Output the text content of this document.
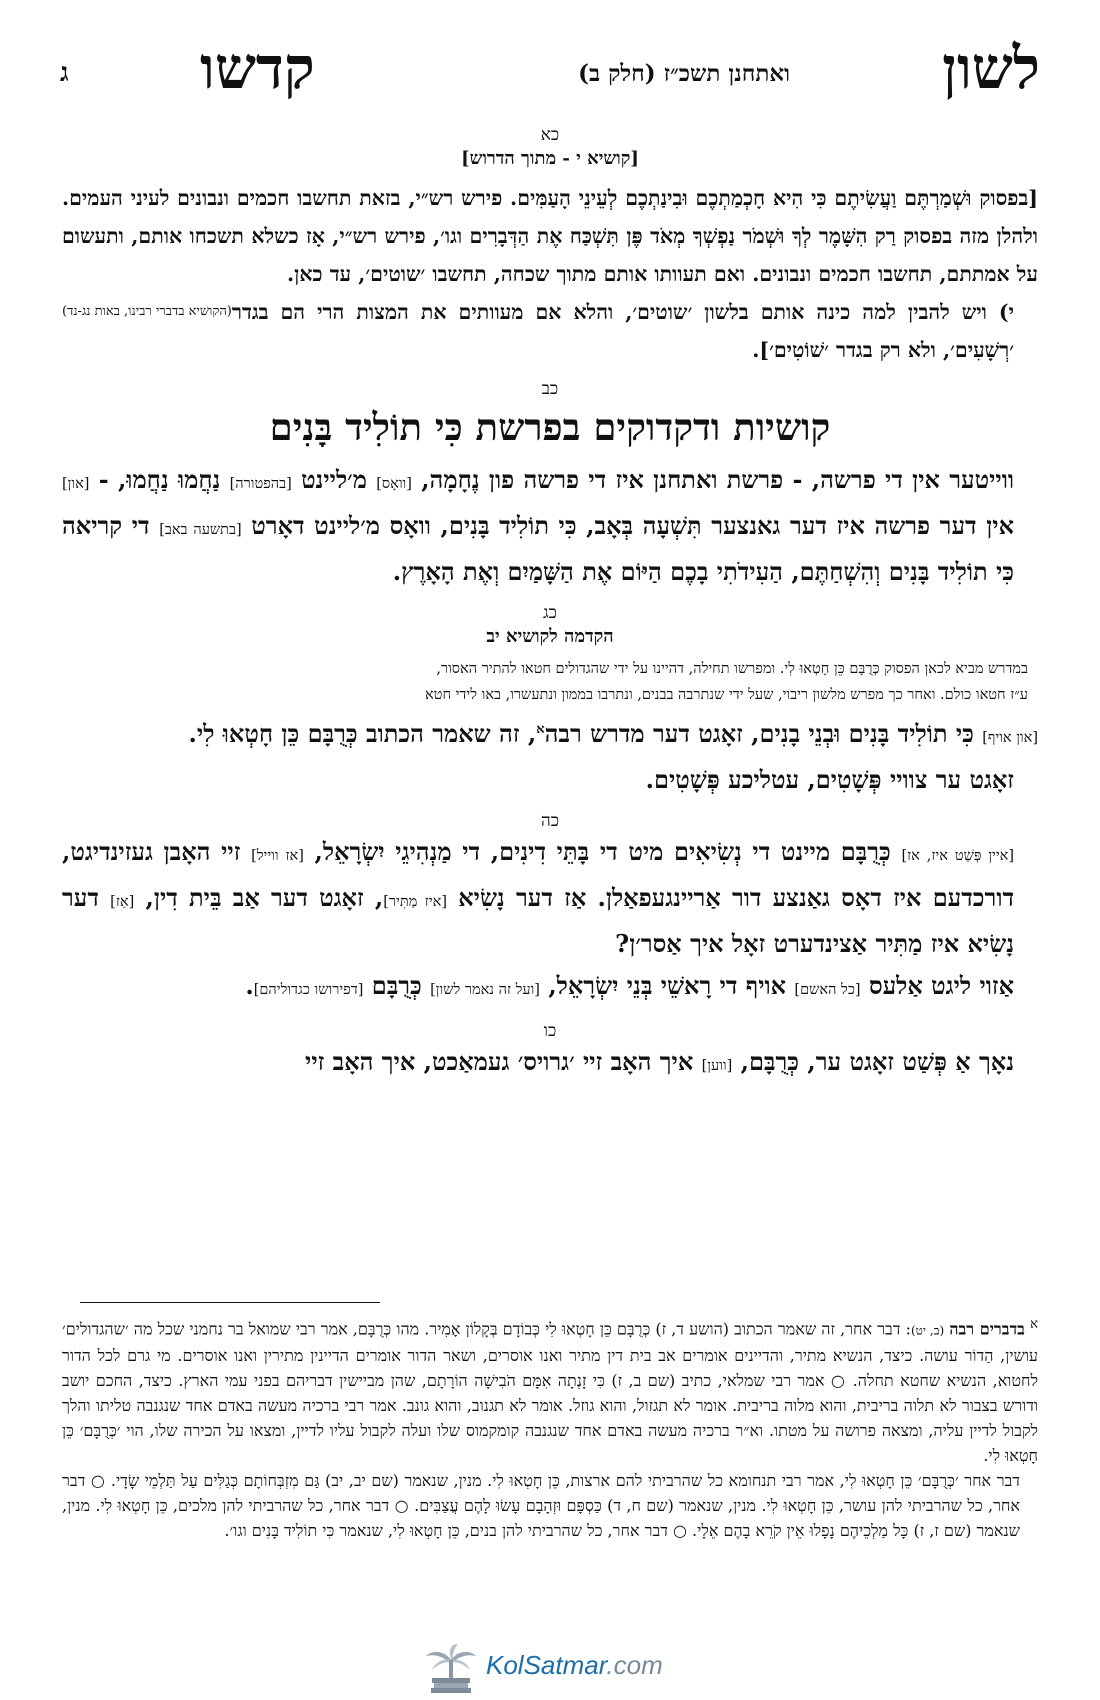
לשון
ואתחנן תשכ״ז (חלק ב)
קדשו
ג

כא

[קושיא י - מתוך הדרוש]

[בפסוק וּשְׁמַרְתֶּם וַעֲשִׂיתֶם כִּי הִיא חָכְמַתְכֶם וּבִינַתְכֶם לְעֵינֵי הָעַמִּים. פירש רש״י, בזאת תחשבו חכמים ונבונים לעיני העמים. ולהלן מזה בפסוק רַק הִשָּׁמֶר לְךָ וּשְׁמֹר נַפְשְׁךָ מְאֹד פֶּן תִּשְׁכַּח אֶת הַדְּבָרִים וגו׳, פירש רש״י, אָז כשלא תשכחו אותם, ותעשום על אמתתם, תחשבו חכמים ונבונים. ואם תעוותו אותם מתוך שכחה, תחשבו ׳שוטים׳, עד כאן.

(הקושיא בדברי רבינו, באות נג-נד) י) ויש להבין למה כינה אותם בלשון ׳שוטים׳, והלא אם מעוותים את המצות הרי הם בגדר ׳רְשָׁעִים׳, ולא רק בגדר ׳שׁוֹטִים׳].

כב

קושיות ודקדוקים בפרשת כִּי תוֹלִיד בָּנִים

ווייטער אין די פרשה, - פרשת ואתחנן איז די פרשה פון נֶחָמָה, [וואָס] מ׳ליינט [בהפטורה] נַחֲמוּ נַחֲמוּ, - [און] אין דער פרשה איז דער גאנצער תִּשְׁעָה בְּאָב, כִּי תוֹלִיד בָּנִים, וואָס מ׳ליינט דאָרט [בתשעה באב] די קריאה כִּי תוֹלִיד בָּנִים וְהִשְׁחַתֶּם, הַעִידֹתִי בָכֶם הַיּוֹם אֶת הַשָּׁמַיִם וְאֶת הָאָרֶץ.

כג

הקדמה לקושיא יב

במדרש מביא לכאן הפסוק כְּרֻבָּם כֵּן חָטְאוּ לִי. ומפרשו תחילה, דהיינו על ידי שהגדולים חטאו להתיר האסור,

ע״ז חטאו כולם. ואחר כך מפרש מלשון ריבוי, שעל ידי שנתרבה בבנים, ונתרבו בממון ונתעשרו, באו לידי חטא

[און אויף] כִּי תוֹלִיד בָּנִים וּבְנֵי בָנִים, זאָגט דער מדרש רבה$^א$, זה שאמר הכתוב כְּרֻבָּם כֵּן חָטְאוּ לִי.

זאָגט ער צוויי פְּשָׁטִים, עטליכע פְּשָׁטִים.

כה

[איין פְּשַׁט איז, אז] כְּרֻבָּם מיינט די נְשִׂיאִים מיט די בָּתֵּי דִינִים, די מַנְהִיגֵי יִשְׂרָאֵל, [אז ווייל] זיי האָבן געזינדיגט, דורכדעם איז דאָס גאַנצע דור אַריינגעפאַלן. אַז דער נָשִׂיא [איז מַתִּיר], זאָגט דער אַב בֵּית דִין, [אַז] דער נָשִׂיא איז מַתִּיר אַצינדערט זאָל איך אַסר׳ן?

אַזוי ליגט אַלעס [כל האשם] אויף די רָאשֵׁי בְּנֵי יִשְׂרָאֵל, [ועל זה נאמר לשון] כְּרֻבָּם [דפירושו כגדוליהם].

כו

נאָך אַ פְּשַׁט זאָגט ער, כְּרֻבָּם, [ווען] איך האָב זיי ׳גרויס׳ געמאַכט, איך האָב זיי

$^א$ בדברים רבה (ב, יט): דבר אחר, זה שאמר הכתוב (הושע ד, ז) כְּרֻבָּם כֵּן חָטְאוּ לִי כְּבוֹדָם בְּקָלוֹן אָמִיר. מהו כְּרֻבָּם, אמר רבי שמואל בר נחמני שכל מה ׳שהגדולים׳ עושין, הַדוֹר עושה. כיצד, הנשיא מתיר, והדיינים אומרים אב בית דין מתיר ואנו אוסרים, ושאר הדור אומרים הדיינין מתירין ואנו אוסרים. מי גרם לכל הדור לחטוא, הנשיא שחטא תחלה. ○ אמר רבי שמלאי, כתיב (שם ב, ז) כִּי זָנְתָה אִמָּם הֹבִישָׁה הוֹרָתָם, שהן מביישין דבריהם בפני עמי הארץ. כיצד, החכם יושב ודורש בצבור לא תלוה בריבית, והוא מלוה בריבית. אומר לא תגזול, והוא גוזל. אומר לא תגנוב, והוא גונב. אמר רבי ברכיה מעשה באדם אחד שנגנבה טליתו והלך לקבול לדיין עליה, ומצאה פרושה על מטתו. וא״ר ברכיה מעשה באדם אחד שנגנבה קומקמוס שלו ועלה לקבול עליו לדיין, ומצאו על הכירה שלו, הוי ׳כְּרֻבָּם׳ כֵּן חָטְאוּ לִי.

דבר אחר ׳כְּרֻבָּם׳ כֵּן חָטְאוּ לִי, אמר רבי תנחומא כל שהרביתי להם ארצות, כֵּן חָטְאוּ לִי. מנין, שנאמר (שם יב, יב) גַּם מִזְבְּחוֹתָם כְּגַלִּים עַל תַּלְמֵי שָׂדָי. ○ דבר אחר, כל שהרביתי להן עושר, כֵּן חָטְאוּ לִי. מנין, שנאמר (שם ח, ד) כַּסְפָּם וּזְהָבָם עָשׂוּ לָהֶם עֲצַבִּים. ○ דבר אחר, כל שהרביתי להן מלכים, כֵּן חָטְאוּ לִי. מנין, שנאמר (שם ז, ז) כָּל מַלְכֵיהֶם נָפָלוּ אֵין קֹרֵא בָהֶם אֵלָי. ○ דבר אחר, כל שהרביתי להן בנים, כֵּן חָטְאוּ לִי, שנאמר כִּי תוֹלִיד בָּנִים וגו׳.

KolSatmar.com
